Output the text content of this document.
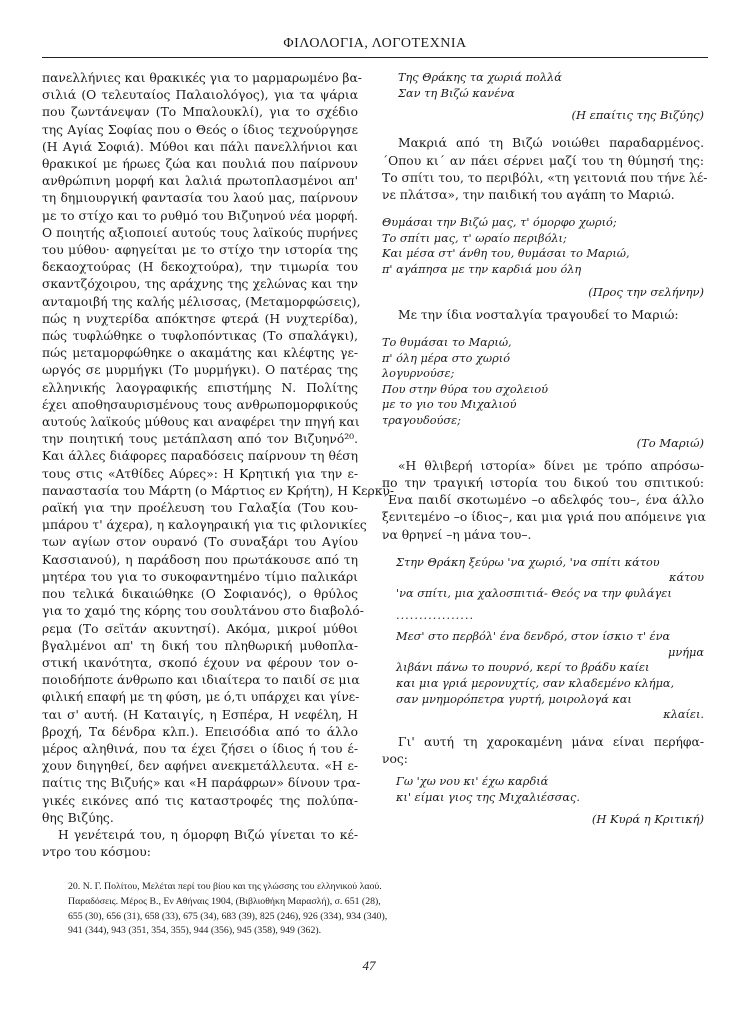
ΦΙΛΟΛΟΓΙΑ, ΛΟΓΟΤΕΧΝΙΑ
πανελλήνιες και θρακικές για το μαρμαρωμένο βα-
σιλιά (Ο τελευταίος Παλαιολόγος), για τα ψάρια
που ζωντάνεψαν (Το Μπαλουκλί), για το σχέδιο
της Αγίας Σοφίας που ο Θεός ο ίδιος τεχνούργησε
(Η Αγιά Σοφιά). Μύθοι και πάλι πανελλήνιοι και
θρακικοί με ήρωες ζώα και πουλιά που παίρνουν
ανθρώπινη μορφή και λαλιά πρωτοπλασμένοι απ'
τη δημιουργική φαντασία του λαού μας, παίρνουν
με το στίχο και το ρυθμό του Βιζυηνού νέα μορφή.
Ο ποιητής αξιοποιεί αυτούς τους λαϊκούς πυρήνες
του μύθου· αφηγείται με το στίχο την ιστορία της
δεκαοχτούρας (Η δεκοχτούρα), την τιμωρία του
σκαντζόχοιρου, της αράχνης της χελώνας και την
ανταμοιβή της καλής μέλισσας, (Μεταμορφώσεις),
πώς η νυχτερίδα απόκτησε φτερά (Η νυχτερίδα),
πώς τυφλώθηκε ο τυφλοπόντικας (Το σπαλάγκι),
πώς μεταμορφώθηκε ο ακαμάτης και κλέφτης γε-
ωργός σε μυρμήγκι (Το μυρμήγκι). Ο πατέρας της
ελληνικής λαογραφικής επιστήμης Ν. Πολίτης
έχει αποθησαυρισμένους τους ανθρωπομορφικούς
αυτούς λαϊκούς μύθους και αναφέρει την πηγή και
την ποιητική τους μετάπλαση από τον Βιζυηνό²⁰.
Και άλλες διάφορες παραδόσεις παίρνουν τη θέση
τους στις «Ατθίδες Αύρες»: Η Κρητική για την ε-
παναστασία του Μάρτη (ο Μάρτιος εν Κρήτη), Η Κερκυ-
ραϊκή για την προέλευση του Γαλαξία (Του κου-
μπάρου τ' άχερα), η καλογηραική για τις φιλονικίες
των αγίων στον ουρανό (Το συναξάρι του Αγίου
Κασσιανού), η παράδοση που πρωτάκουσε από τη
μητέρα του για το συκοφαντημένο τίμιο παλικάρι
που τελικά δικαιώθηκε (Ο Σοφιανός), ο θρύλος
για το χαμό της κόρης του σουλτάνου στο διαβολό-
ρεμα (Το σεϊτάν ακυντησί). Ακόμα, μικροί μύθοι
βγαλμένοι απ' τη δική του πληθωρική μυθοπλα-
στική ικανότητα, σκοπό έχουν να φέρουν τον ο-
ποιοδήποτε άνθρωπο και ιδιαίτερα το παιδί σε μια
φιλική επαφή με τη φύση, με ό,τι υπάρχει και γίνε-
ται σ' αυτή. (Η Καταιγίς, η Εσπέρα, Η νεφέλη, Η
βροχή, Τα δένδρα κλπ.). Επεισόδια από το άλλο
μέρος αληθινά, που τα έχει ζήσει ο ίδιος ή του έ-
χουν διηγηθεί, δεν αφήνει ανεκμετάλλευτα. «Η ε-
παίτις της Βιζυής» και «Η παράφρων» δίνουν τρα-
γικές εικόνες από τις καταστροφές της πολύπα-
θης Βιζύης.
Η γενέτειρά του, η όμορφη Βιζώ γίνεται το κέ-
ντρο του κόσμου:
Της Θράκης τα χωριά πολλά
Σαν τη Βιζώ κανένα
(Η επαίτις της Βιζύης)
Μακριά από τη Βιζώ νοιώθει παραδαρμένος.
΄Οπου κι΄ αν πάει σέρνει μαζί του τη θύμησή της:
Το σπίτι του, το περιβόλι, «τη γειτονιά που τήνε λέ-
νε πλάτσα», την παιδική του αγάπη το Μαριώ.
Θυμάσαι την Βιζώ μας, τ' όμορφο χωριό;
Το σπίτι μας, τ' ωραίο περιβόλι;
Και μέσα στ' άνθη του, θυμάσαι το Μαριώ,
π' αγάπησα με την καρδιά μου όλη
(Προς την σελήνην)
Με την ίδια νοσταλγία τραγουδεί το Μαριώ:
Το θυμάσαι το Μαριώ,
π' όλη μέρα στο χωριό
λογυρνούσε;
Που στην θύρα του σχολειού
με το γιο του Μιχαλιού
τραγουδούσε;
(Το Μαριώ)
«Η θλιβερή ιστορία» δίνει με τρόπο απρόσω-
πο την τραγική ιστορία του δικού του σπιτικού:
΄Ενα παιδί σκοτωμένο –ο αδελφός του–, ένα άλλο
ξενιτεμένο –ο ίδιος–, και μια γριά που απόμεινε για
να θρηνεί –η μάνα του–.
Στην Θράκη ξεύρω 'να χωριό, 'να σπίτι κάτου
κάτου
'να σπίτι, μια χαλοσπιτιά- Θεός να την φυλάγει
.................
Μεσ' στο περβόλ' ένα δενδρό, στον ίσκιο τ' ένα
μνήμα
λιβάνι πάνω το πουρνό, κερί το βράδυ καίει
και μια γριά μερονυχτίς, σαν κλαδεμένο κλήμα,
σαν μνημορόπετρα γυρτή, μοιρολογά και
κλαίει.
Γι' αυτή τη χαροκαμένη μάνα είναι περήφα-
νος:
Γω 'χω νου κι' έχω καρδιά
κι' είμαι γιος της Μιχαλιέσσας.
(Η Κυρά η Κριτική)
20. Ν. Γ. Πολίτου, Μελέται περί του βίου και της γλώσσης του ελληνικού λαού.
Παραδόσεις. Μέρος Β., Εν Αθήναις 1904, (Βιβλιοθήκη Μαρασλή), σ. 651 (28),
655 (30), 656 (31), 658 (33), 675 (34), 683 (39), 825 (246), 926 (334), 934 (340),
941 (344), 943 (351, 354, 355), 944 (356), 945 (358), 949 (362).
47
